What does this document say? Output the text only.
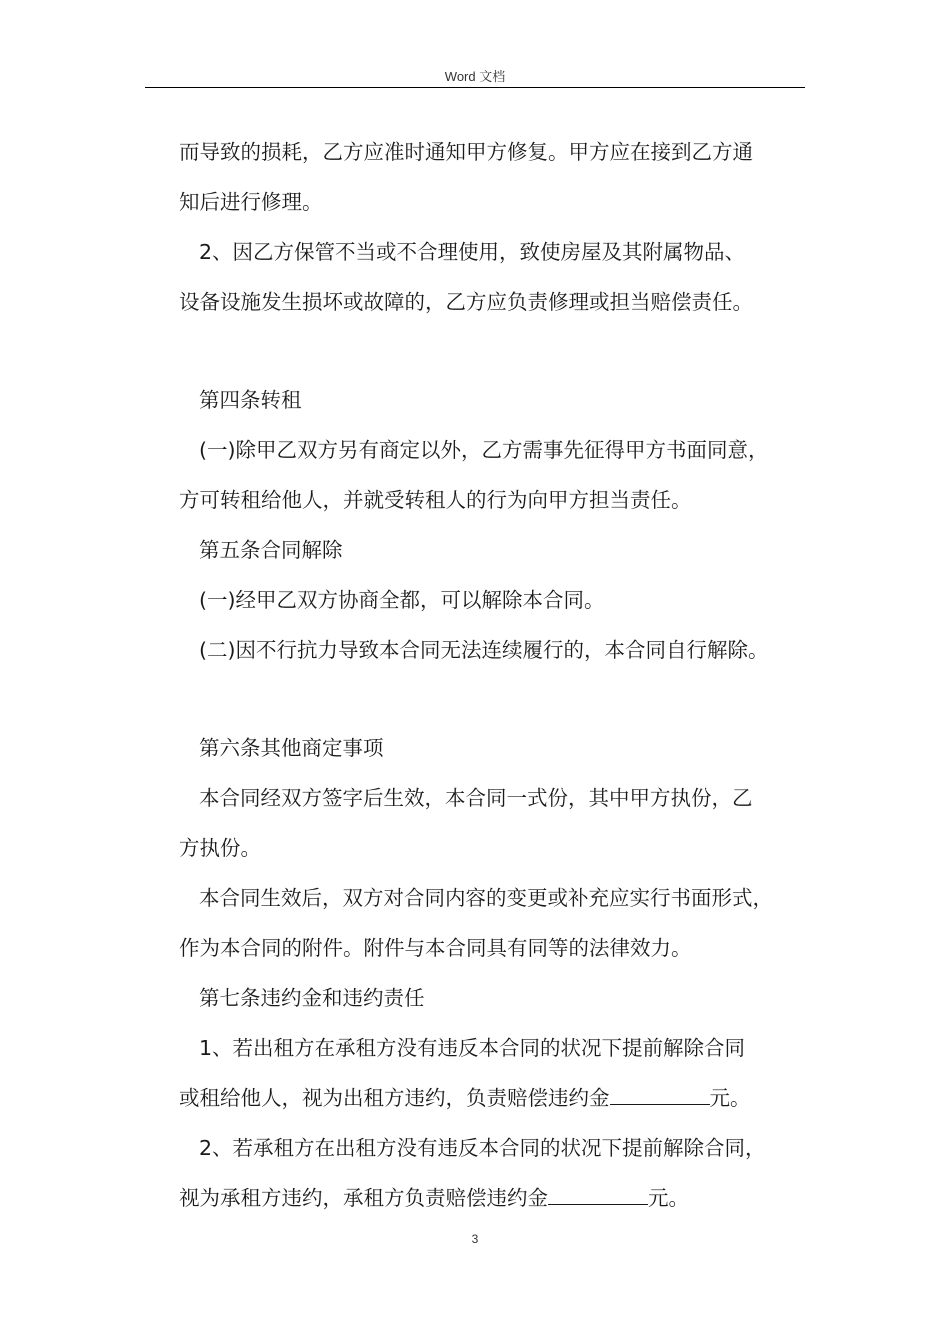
Word 文档
而导致的损耗，乙方应准时通知甲方修复。甲方应在接到乙方通
知后进行修理。
2、因乙方保管不当或不合理使用，致使房屋及其附属物品、
设备设施发生损坏或故障的，乙方应负责修理或担当赔偿责任。
第四条转租
(一)除甲乙双方另有商定以外，乙方需事先征得甲方书面同意，
方可转租给他人，并就受转租人的行为向甲方担当责任。
第五条合同解除
(一)经甲乙双方协商全都，可以解除本合同。
(二)因不行抗力导致本合同无法连续履行的，本合同自行解除。
第六条其他商定事项
本合同经双方签字后生效，本合同一式份，其中甲方执份，乙
方执份。
本合同生效后，双方对合同内容的变更或补充应实行书面形式，
作为本合同的附件。附件与本合同具有同等的法律效力。
第七条违约金和违约责任
1、若出租方在承租方没有违反本合同的状况下提前解除合同
或租给他人，视为出租方违约，负责赔偿违约金	元。
2、若承租方在出租方没有违反本合同的状况下提前解除合同，
视为承租方违约，承租方负责赔偿违约金	元。
3
